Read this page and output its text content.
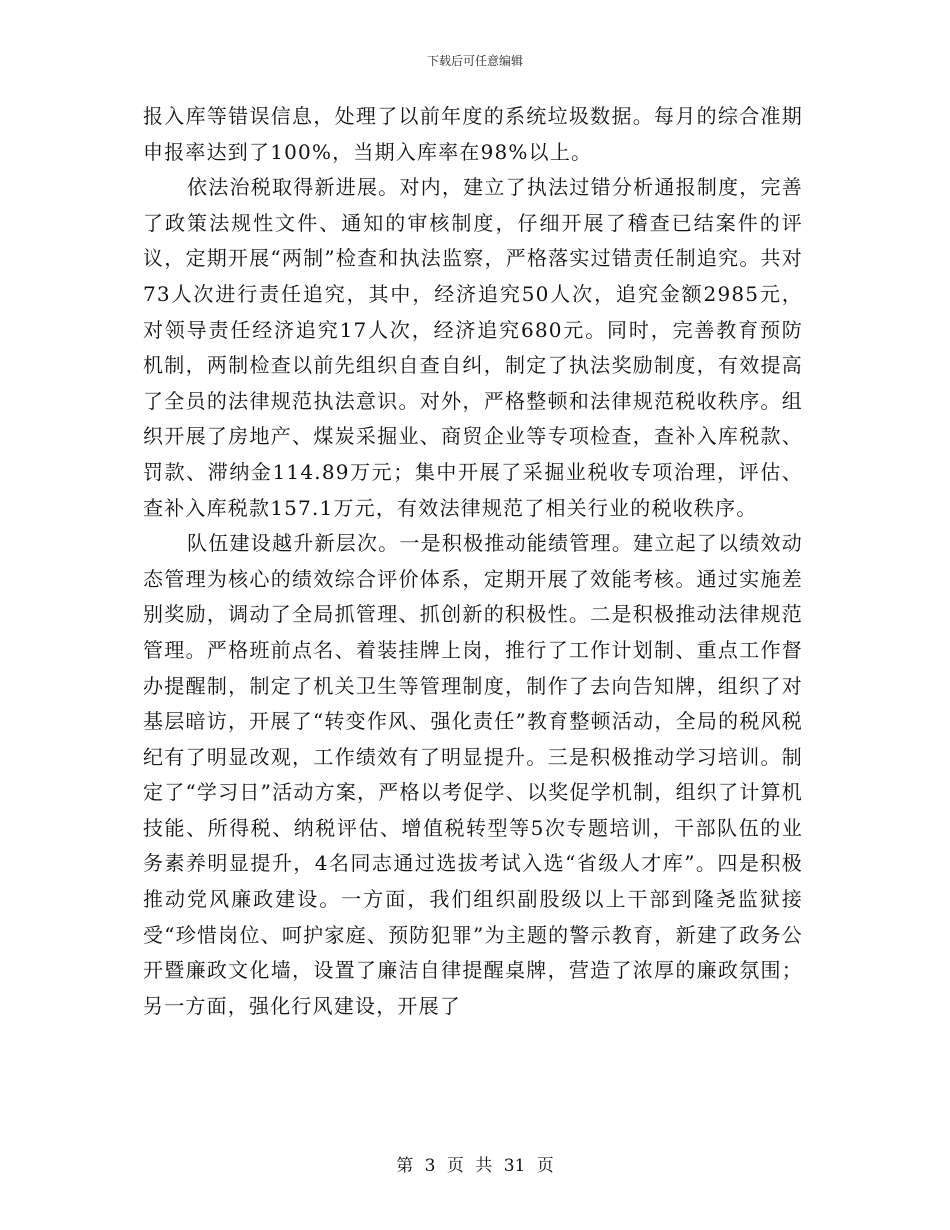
下载后可任意编辑

报入库等错误信息，处理了以前年度的系统垃圾数据。每月的综合准期申报率达到了100%，当期入库率在98%以上。

依法治税取得新进展。对内，建立了执法过错分析通报制度，完善了政策法规性文件、通知的审核制度，仔细开展了稽查已结案件的评议，定期开展“两制”检查和执法监察，严格落实过错责任制追究。共对73人次进行责任追究，其中，经济追究50人次，追究金额2985元，对领导责任经济追究17人次，经济追究680元。同时，完善教育预防机制，两制检查以前先组织自查自纠，制定了执法奖励制度，有效提高了全员的法律规范执法意识。对外，严格整顿和法律规范税收秩序。组织开展了房地产、煤炭采掘业、商贸企业等专项检查，查补入库税款、罚款、滞纳金114.89万元；集中开展了采掘业税收专项治理，评估、查补入库税款157.1万元，有效法律规范了相关行业的税收秩序。

队伍建设越升新层次。一是积极推动能绩管理。建立起了以绩效动态管理为核心的绩效综合评价体系，定期开展了效能考核。通过实施差别奖励，调动了全局抓管理、抓创新的积极性。二是积极推动法律规范管理。严格班前点名、着装挂牌上岗，推行了工作计划制、重点工作督办提醒制，制定了机关卫生等管理制度，制作了去向告知牌，组织了对基层暗访，开展了“转变作风、强化责任”教育整顿活动，全局的税风税纪有了明显改观，工作绩效有了明显提升。三是积极推动学习培训。制定了“学习日”活动方案，严格以考促学、以奖促学机制，组织了计算机技能、所得税、纳税评估、增值税转型等5次专题培训，干部队伍的业务素养明显提升，4名同志通过选拔考试入选“省级人才库”。四是积极推动党风廉政建设。一方面，我们组织副股级以上干部到隆尧监狱接受“珍惜岗位、呵护家庭、预防犯罪”为主题的警示教育，新建了政务公开暨廉政文化墙，设置了廉洁自律提醒桌牌，营造了浓厚的廉政氛围；另一方面，强化行风建设，开展了

第 3 页 共 31 页
